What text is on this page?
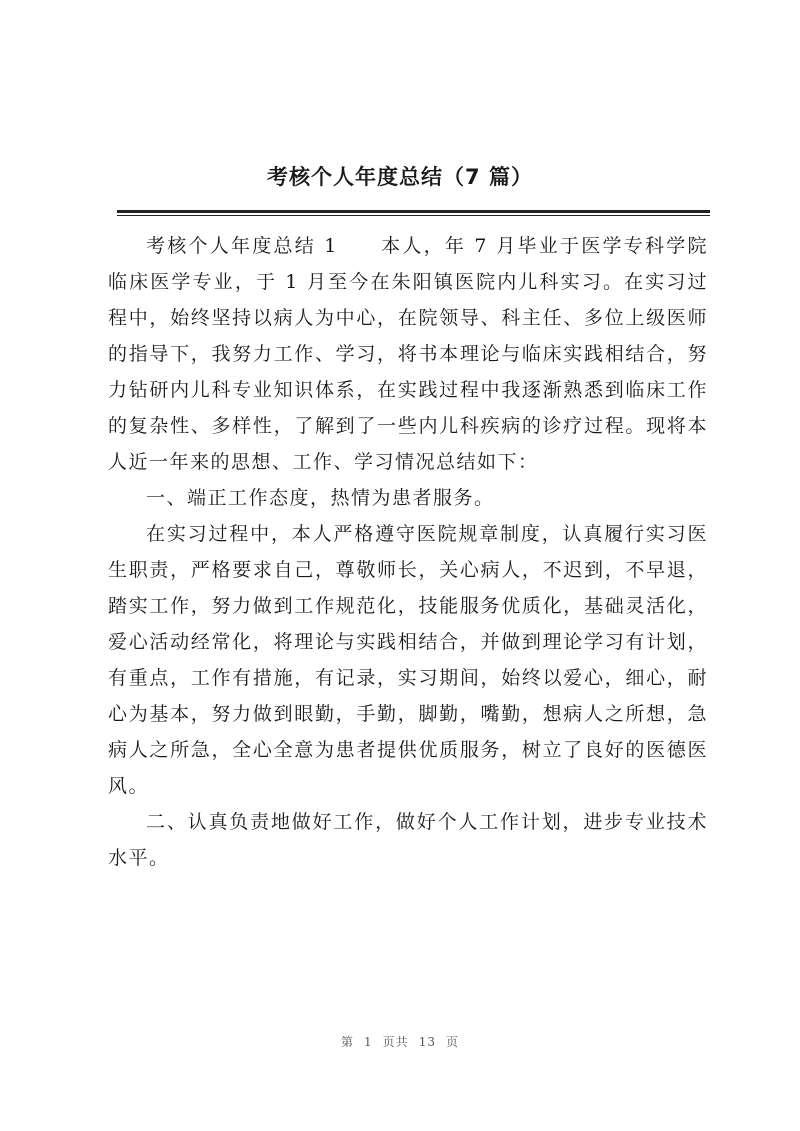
考核个人年度总结（7 篇）

考核个人年度总结 1　　本人，年 7 月毕业于医学专科学院临床医学专业，于 1 月至今在朱阳镇医院内儿科实习。在实习过程中，始终坚持以病人为中心，在院领导、科主任、多位上级医师的指导下，我努力工作、学习，将书本理论与临床实践相结合，努力钻研内儿科专业知识体系，在实践过程中我逐渐熟悉到临床工作的复杂性、多样性，了解到了一些内儿科疾病的诊疗过程。现将本人近一年来的思想、工作、学习情况总结如下：

一、端正工作态度，热情为患者服务。

在实习过程中，本人严格遵守医院规章制度，认真履行实习医生职责，严格要求自己，尊敬师长，关心病人，不迟到，不早退，踏实工作，努力做到工作规范化，技能服务优质化，基础灵活化，爱心活动经常化，将理论与实践相结合，并做到理论学习有计划，有重点，工作有措施，有记录，实习期间，始终以爱心，细心，耐心为基本，努力做到眼勤，手勤，脚勤，嘴勤，想病人之所想，急病人之所急，全心全意为患者提供优质服务，树立了良好的医德医风。

二、认真负责地做好工作，做好个人工作计划，进步专业技术水平。

第 1 页共 13 页
